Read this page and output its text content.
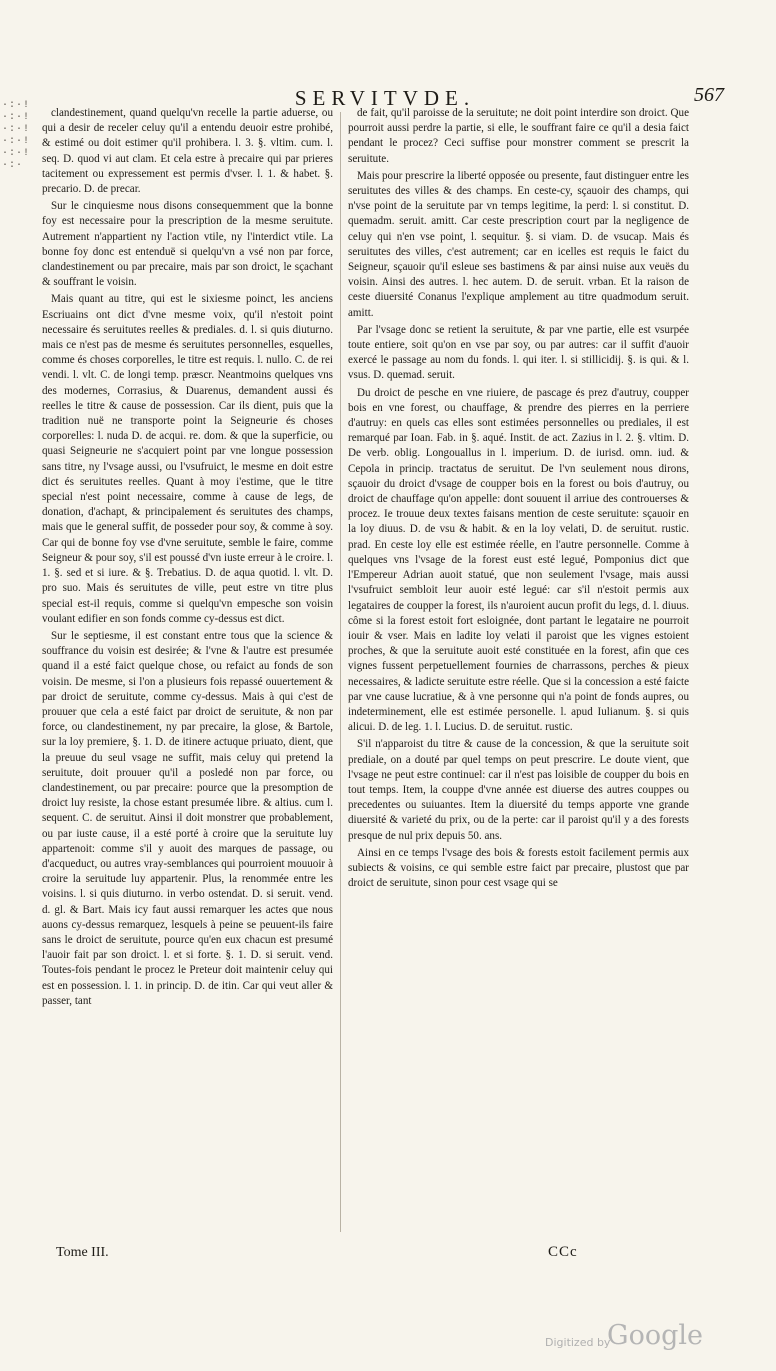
·:·!·:·!·:·!·:·!·:·!·:·
SERVITVDE.	567

clandestinement, quand quelqu'vn recelle la partie aduerse, ou qui a desir de receler celuy qu'il a entendu deuoir estre prohibé, & estimé ou doit estimer qu'il prohibera. l. 3. §. vltim. cum. l. seq. D. quod vi aut clam. Et cela estre à precaire qui par prieres tacitement ou expressement est permis d'vser. l. 1. & habet. §. precario. D. de precar.

Sur le cinquiesme nous disons consequemment que la bonne foy est necessaire pour la prescription de la mesme seruitute. Autrement n'appartient ny l'action vtile, ny l'interdict vtile. La bonne foy donc est entenduë si quelqu'vn a vsé non par force, clandestinement ou par precaire, mais par son droict, le sçachant & souffrant le voisin.

Mais quant au titre, qui est le sixiesme poinct, les anciens Escriuains ont dict d'vne mesme voix, qu'il n'estoit point necessaire és seruitutes reelles & prediales. d. l. si quis diuturno. mais ce n'est pas de mesme és seruitutes personnelles, esquelles, comme és choses corporelles, le titre est requis. l. nullo. C. de rei vendi. l. vlt. C. de longi temp. præscr. Neantmoins quelques vns des modernes, Corrasius, & Duarenus, demandent aussi és reelles le titre & cause de possession. Car ils dient, puis que la tradition nuë ne transporte point la Seigneurie és choses corporelles: l. nuda D. de acqui. re. dom. & que la superficie, ou quasi Seigneurie ne s'acquiert point par vne longue possession sans titre, ny l'vsage aussi, ou l'vsufruict, le mesme en doit estre dict és seruitutes reelles. Quant à moy i'estime, que le titre special n'est point necessaire, comme à cause de legs, de donation, d'achapt, & principalement és seruitutes des champs, mais que le general suffit, de posseder pour soy, & comme à soy. Car qui de bonne foy vse d'vne seruitute, semble le faire, comme Seigneur & pour soy, s'il est poussé d'vn iuste erreur à le croire. l. 1. §. sed et si iure. & §. Trebatius. D. de aqua quotid. l. vlt. D. pro suo. Mais és seruitutes de ville, peut estre vn titre plus special est-il requis, comme si quelqu'vn empesche son voisin voulant edifier en son fonds comme cy-dessus est dict.

Sur le septiesme, il est constant entre tous que la science & souffrance du voisin est desirée; & l'vne & l'autre est presumée quand il a esté faict quelque chose, ou refaict au fonds de son voisin. De mesme, si l'on a plusieurs fois repassé ouuertement & par droict de seruitute, comme cy-dessus. Mais à qui c'est de prouuer que cela a esté faict par droict de seruitute, & non par force, ou clandestinement, ny par precaire, la glose, & Bartole, sur la loy premiere, §. 1. D. de itinere actuque priuato, dient, que la preuue du seul vsage ne suffit, mais celuy qui pretend la seruitute, doit prouuer qu'il a posledé non par force, ou clandestinement, ou par precaire: pource que la presomption de droict luy resiste, la chose estant presumée libre. & altius. cum l. sequent. C. de seruitut. Ainsi il doit monstrer que probablement, ou par iuste cause, il a esté porté à croire que la seruitute luy appartenoit: comme s'il y auoit des marques de passage, ou d'acqueduct, ou autres vray-semblances qui pourroient mouuoir à croire la seruitude luy appartenir. Plus, la renommée entre les voisins. l. si quis diuturno. in verbo ostendat. D. si seruit. vend. d. gl. & Bart. Mais icy faut aussi remarquer les actes que nous auons cy-dessus remarquez, lesquels à peine se peuuent-ils faire sans le droict de seruitute, pource qu'en eux chacun est presumé l'auoir fait par son droict. l. et si forte. §. 1. D. si seruit. vend. Toutes-fois pendant le procez le Preteur doit maintenir celuy qui est en possession. l. 1. in princip. D. de itin. Car qui veut aller & passer, tant

de fait, qu'il paroisse de la seruitute; ne doit point interdire son droict. Que pourroit aussi perdre la partie, si elle, le souffrant faire ce qu'il a desia faict pendant le procez? Ceci suffise pour monstrer comment se prescrit la seruitute.

Mais pour prescrire la liberté opposée ou presente, faut distinguer entre les seruitutes des villes & des champs. En ceste-cy, sçauoir des champs, qui n'vse point de la seruitute par vn temps legitime, la perd: l. si constitut. D. quemadm. seruit. amitt. Car ceste prescription court par la negligence de celuy qui n'en vse point, l. sequitur. §. si viam. D. de vsucap. Mais és seruitutes des villes, c'est autrement; car en icelles est requis le faict du Seigneur, sçauoir qu'il esleue ses bastimens & par ainsi nuise aux veuës du voisin. Ainsi des autres. l. hec autem. D. de seruit. vrban. Et la raison de ceste diuersité Conanus l'explique amplement au titre quadmodum seruit. amitt.

Par l'vsage donc se retient la seruitute, & par vne partie, elle est vsurpée toute entiere, soit qu'on en vse par soy, ou par autres: car il suffit d'auoir exercé le passage au nom du fonds. l. qui iter. l. si stillicidij. §. is qui. & l. vsus. D. quemad. seruit.

Du droict de pesche en vne riuiere, de pascage és prez d'autruy, coupper bois en vne forest, ou chauffage, & prendre des pierres en la perriere d'autruy: en quels cas elles sont estimées personnelles ou prediales, il est remarqué par Ioan. Fab. in §. aqué. Instit. de act. Zazius in l. 2. §. vltim. D. De verb. oblig. Longouallus in l. imperium. D. de iurisd. omn. iud. & Cepola in princip. tractatus de seruitut. De l'vn seulement nous dirons, sçauoir du droict d'vsage de coupper bois en la forest ou bois d'autruy, ou droict de chauffage qu'on appelle: dont souuent il arriue des controuerses & procez. Ie trouue deux textes faisans mention de ceste seruitute: sçauoir en la loy diuus. D. de vsu & habit. & en la loy velati, D. de seruitut. rustic. prad. En ceste loy elle est estimée réelle, en l'autre personnelle. Comme à quelques vns l'vsage de la forest eust esté legué, Pomponius dict que l'Empereur Adrian auoit statué, que non seulement l'vsage, mais aussi l'vsufruict sembloit leur auoir esté legué: car s'il n'estoit permis aux legataires de coupper la forest, ils n'auroient aucun profit du legs, d. l. diuus. côme si la forest estoit fort esloignée, dont partant le legataire ne pourroit iouir & vser. Mais en ladite loy velati il paroist que les vignes estoient proches, & que la seruitute auoit esté constituée en la forest, afin que ces vignes fussent perpetuellement fournies de charrassons, perches & pieux necessaires, & ladicte seruitute estre réelle. Que si la concession a esté faicte par vne cause lucratiue, & à vne personne qui n'a point de fonds aupres, ou indeterminement, elle est estimée personelle. l. apud Iulianum. §. si quis alicui. D. de leg. 1. l. Lucius. D. de seruitut. rustic.

S'il n'apparoist du titre & cause de la concession, & que la seruitute soit prediale, on a douté par quel temps on peut prescrire. Le doute vient, que l'vsage ne peut estre continuel: car il n'est pas loisible de coupper du bois en tout temps. Item, la couppe d'vne année est diuerse des autres couppes ou precedentes ou suiuantes. Item la diuersité du temps apporte vne grande diuersité & varieté du prix, ou de la perte: car il paroist qu'il y a des forests presque de nul prix depuis 50. ans.

Ainsi en ce temps l'vsage des bois & forests estoit facilement permis aux subiects & voisins, ce qui semble estre faict par precaire, plustost que par droict de seruitute, sinon pour cest vsage qui se

Tome III.	CCc
Digitized by
Google
